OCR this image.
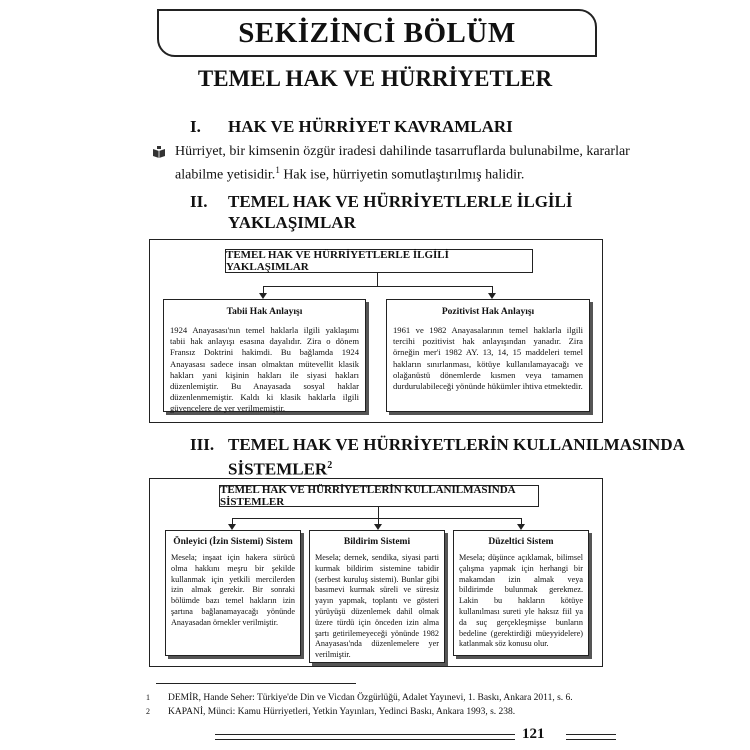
SEKİZİNCİ BÖLÜM
TEMEL HAK VE HÜRRİYETLER
I. HAK VE HÜRRİYET KAVRAMLARI
Hürriyet, bir kimsenin özgür iradesi dahilinde tasarruflarda bulunabilme, kararlar
alabilme yetisidir.$^1$ Hak ise, hürriyetin somutlaştırılmış halidir.
II. TEMEL HAK VE HÜRRİYETLERLE İLGİLİ
YAKLAŞIMLAR
TEMEL HAK VE HÜRRİYETLERLE İLGİLİ YAKLAŞIMLAR
Tabii Hak Anlayışı
1924 Anayasası'nın temel haklarla ilgili yaklaşımı tabii hak anlayışı esasına dayalıdır. Zira o dönem Fransız Doktrini hakimdi. Bu bağlamda 1924 Anayasası sadece insan olmaktan mütevellit klasik hakları yani kişinin hakları ile siyasi hakları düzenlemiştir. Bu Anayasada sosyal haklar düzenlenmemiştir. Kaldı ki klasik haklarla ilgili güvencelere de yer verilmemiştir.
Pozitivist Hak Anlayışı
1961 ve 1982 Anayasalarının temel haklarla ilgili tercihi pozitivist hak anlayışından yanadır. Zira örneğin mer'i 1982 AY. 13, 14, 15 maddeleri temel hakların sınırlanması, kötüye kullanılamayacağı ve olağanüstü dönemlerde kısmen veya tamamen durdurulabileceği yönünde hükümler ihtiva etmektedir.
III. TEMEL HAK VE HÜRRİYETLERİN KULLANILMASINDA
SİSTEMLER$^2$
TEMEL HAK VE HÜRRİYETLERİN KULLANILMASINDA SİSTEMLER
Önleyici (İzin Sistemi) Sistem
Mesela; inşaat için hakera sürücü olma hakkını meşru bir şekilde kullanmak için yetkili mercilerden izin almak gerekir. Bir sonraki bölümde bazı temel hakların izin şartına bağlanamayacağı yönünde Anayasadan örnekler verilmiştir.
Bildirim Sistemi
Mesela; dernek, sendika, siyasi parti kurmak bildirim sistemine tabidir (serbest kuruluş sistemi). Bunlar gibi basımevi kurmak süreli ve süresiz yayın yapmak, toplantı ve gösteri yürüyüşü düzenlemek dahil olmak üzere türdü için önceden izin alma şartı getirilemeyeceği yönünde 1982 Anayasası'nda düzenlemelere yer verilmiştir.
Düzeltici Sistem
Mesela; düşünce açıklamak, bilimsel çalışma yapmak için herhangi bir makamdan izin almak veya bildirimde bulunmak gerekmez. Lakin bu hakların kötüye kullanılması sureti yle haksız fiil ya da suç gerçekleşmişse bunların bedeline (gerektirdiği müeyyidelere) katlanmak söz konusu olur.
1 DEMİR, Hande Seher: Türkiye'de Din ve Vicdan Özgürlüğü, Adalet Yayınevi, 1. Baskı, Ankara 2011, s. 6.
2 KAPANİ, Münci: Kamu Hürriyetleri, Yetkin Yayınları, Yedinci Baskı, Ankara 1993, s. 238.
121
